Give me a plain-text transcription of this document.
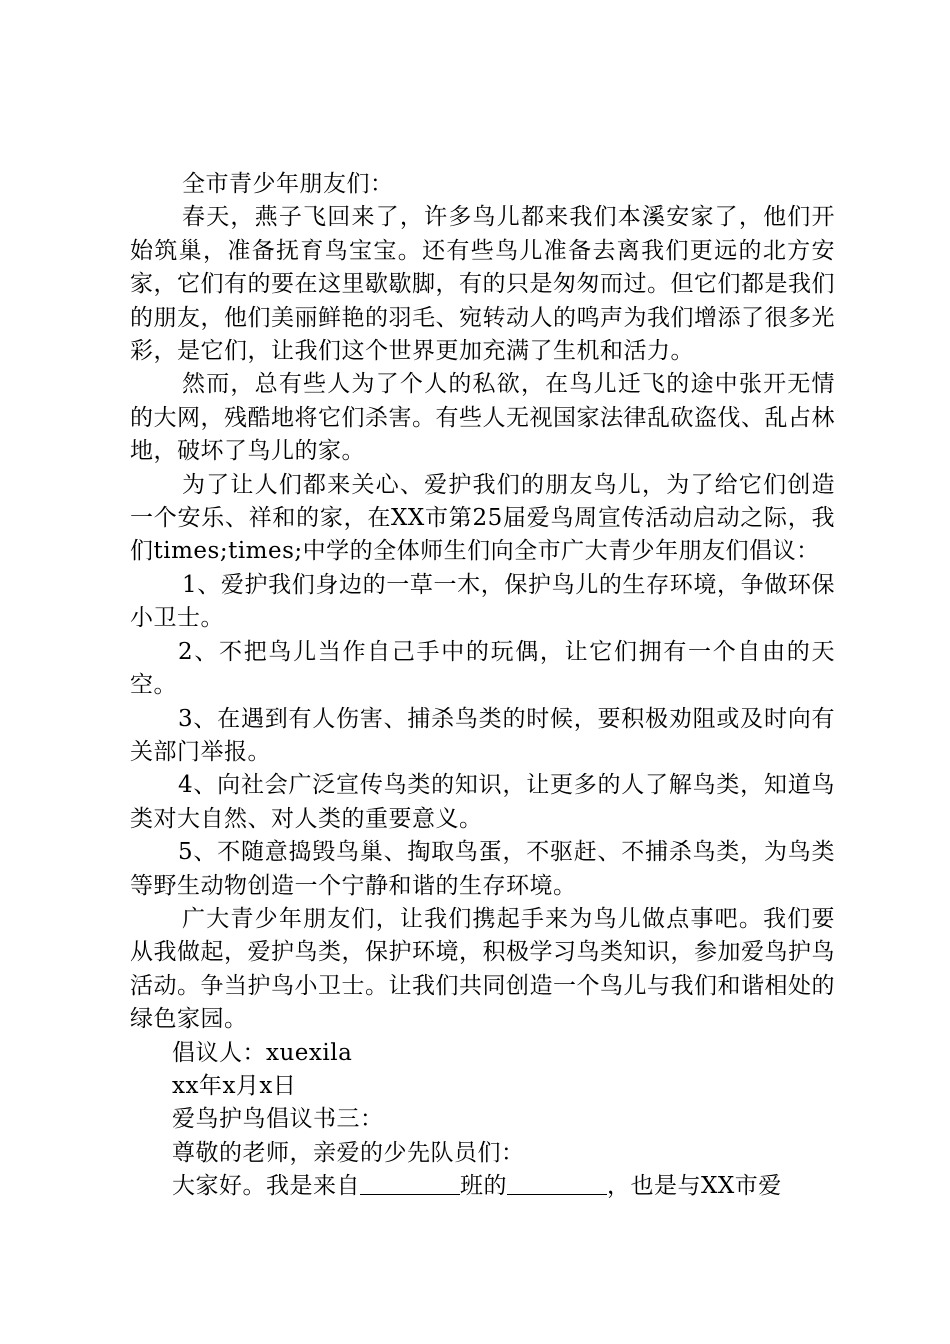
全市青少年朋友们：

春天，燕子飞回来了，许多鸟儿都来我们本溪安家了，他们开始筑巢，准备抚育鸟宝宝。还有些鸟儿准备去离我们更远的北方安家，它们有的要在这里歇歇脚，有的只是匆匆而过。但它们都是我们的朋友，他们美丽鲜艳的羽毛、宛转动人的鸣声为我们增添了很多光彩，是它们，让我们这个世界更加充满了生机和活力。

然而，总有些人为了个人的私欲，在鸟儿迁飞的途中张开无情的大网，残酷地将它们杀害。有些人无视国家法律乱砍盗伐、乱占林地，破坏了鸟儿的家。

为了让人们都来关心、爱护我们的朋友鸟儿，为了给它们创造一个安乐、祥和的家，在XX市第25届爱鸟周宣传活动启动之际，我们times;times;中学的全体师生们向全市广大青少年朋友们倡议：

1、爱护我们身边的一草一木，保护鸟儿的生存环境，争做环保小卫士。

2、不把鸟儿当作自己手中的玩偶，让它们拥有一个自由的天空。

3、在遇到有人伤害、捕杀鸟类的时候，要积极劝阻或及时向有关部门举报。

4、向社会广泛宣传鸟类的知识，让更多的人了解鸟类，知道鸟类对大自然、对人类的重要意义。

5、不随意捣毁鸟巢、掏取鸟蛋，不驱赶、不捕杀鸟类，为鸟类等野生动物创造一个宁静和谐的生存环境。

广大青少年朋友们，让我们携起手来为鸟儿做点事吧。我们要从我做起，爱护鸟类，保护环境，积极学习鸟类知识，参加爱鸟护鸟活动。争当护鸟小卫士。让我们共同创造一个鸟儿与我们和谐相处的绿色家园。

倡议人：xuexila

xx年x月x日

爱鸟护鸟倡议书三：

尊敬的老师，亲爱的少先队员们：

大家好。我是来自	班的	，也是与XX市爱
